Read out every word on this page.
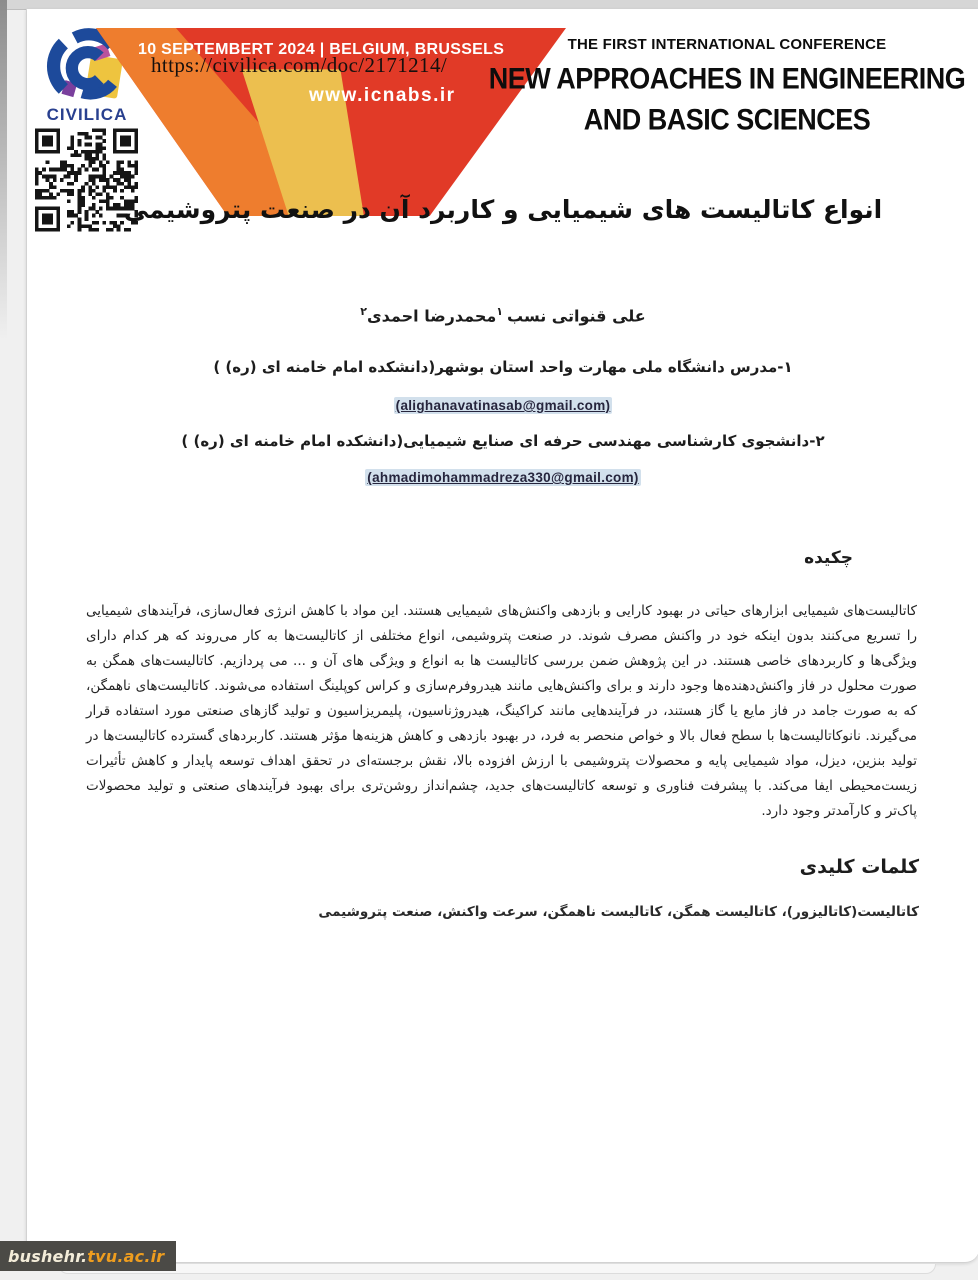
CIVILICA
10 SEPTEMBERT 2024 | BELGIUM, BRUSSELS
www.icnabs.ir
https://civilica.com/doc/2171214/
THE FIRST INTERNATIONAL CONFERENCE
NEW APPROACHES IN ENGINEERING
AND BASIC SCIENCES
انواع کاتالیست های شیمیایی و کاربرد آن در صنعت پتروشیمی
علی قنواتی نسب$^۱$محمدرضا احمدی$^۲$
۱-مدرس دانشگاه ملی مهارت واحد استان بوشهر(دانشکده امام خامنه ای (ره) )
(alighanavatinasab@gmail.com)
۲-دانشجوی کارشناسی مهندسی حرفه ای صنایع شیمیایی(دانشکده امام خامنه ای (ره) )
(ahmadimohammadreza330@gmail.com)
چکیده
کاتالیست‌های شیمیایی ابزارهای حیاتی در بهبود کارایی و بازدهی واکنش‌های شیمیایی هستند. این مواد با کاهش انرژی فعال‌سازی، فرآیندهای شیمیایی را تسریع می‌کنند بدون اینکه خود در واکنش مصرف شوند. در صنعت پتروشیمی، انواع مختلفی از کاتالیست‌ها به کار می‌روند که هر کدام دارای ویژگی‌ها و کاربردهای خاصی هستند. در این پژوهش ضمن بررسی کاتالیست ها به انواع و ویژگی های آن و ... می پردازیم. کاتالیست‌های همگن به صورت محلول در فاز واکنش‌دهنده‌ها وجود دارند و برای واکنش‌هایی مانند هیدروفرم‌سازی و کراس کوپلینگ استفاده می‌شوند. کاتالیست‌های ناهمگن، که به صورت جامد در فاز مایع یا گاز هستند، در فرآیندهایی مانند کراکینگ، هیدروژناسیون، پلیمریزاسیون و تولید گازهای صنعتی مورد استفاده قرار می‌گیرند. نانوکاتالیست‌ها با سطح فعال بالا و خواص منحصر به فرد، در بهبود بازدهی و کاهش هزینه‌ها مؤثر هستند. کاربردهای گسترده کاتالیست‌ها در تولید بنزین، دیزل، مواد شیمیایی پایه و محصولات پتروشیمی با ارزش افزوده بالا، نقش برجسته‌ای در تحقق اهداف توسعه پایدار و کاهش تأثیرات زیست‌محیطی ایفا می‌کند. با پیشرفت فناوری و توسعه کاتالیست‌های جدید، چشم‌انداز روشن‌تری برای بهبود فرآیندهای صنعتی و تولید محصولات پاک‌تر و کارآمدتر وجود دارد.
کلمات کلیدی
کاتالیست(کاتالیزور)، کاتالیست همگن، کاتالیست ناهمگن، سرعت واکنش، صنعت پتروشیمی
bushehr. tvu.ac.ir
